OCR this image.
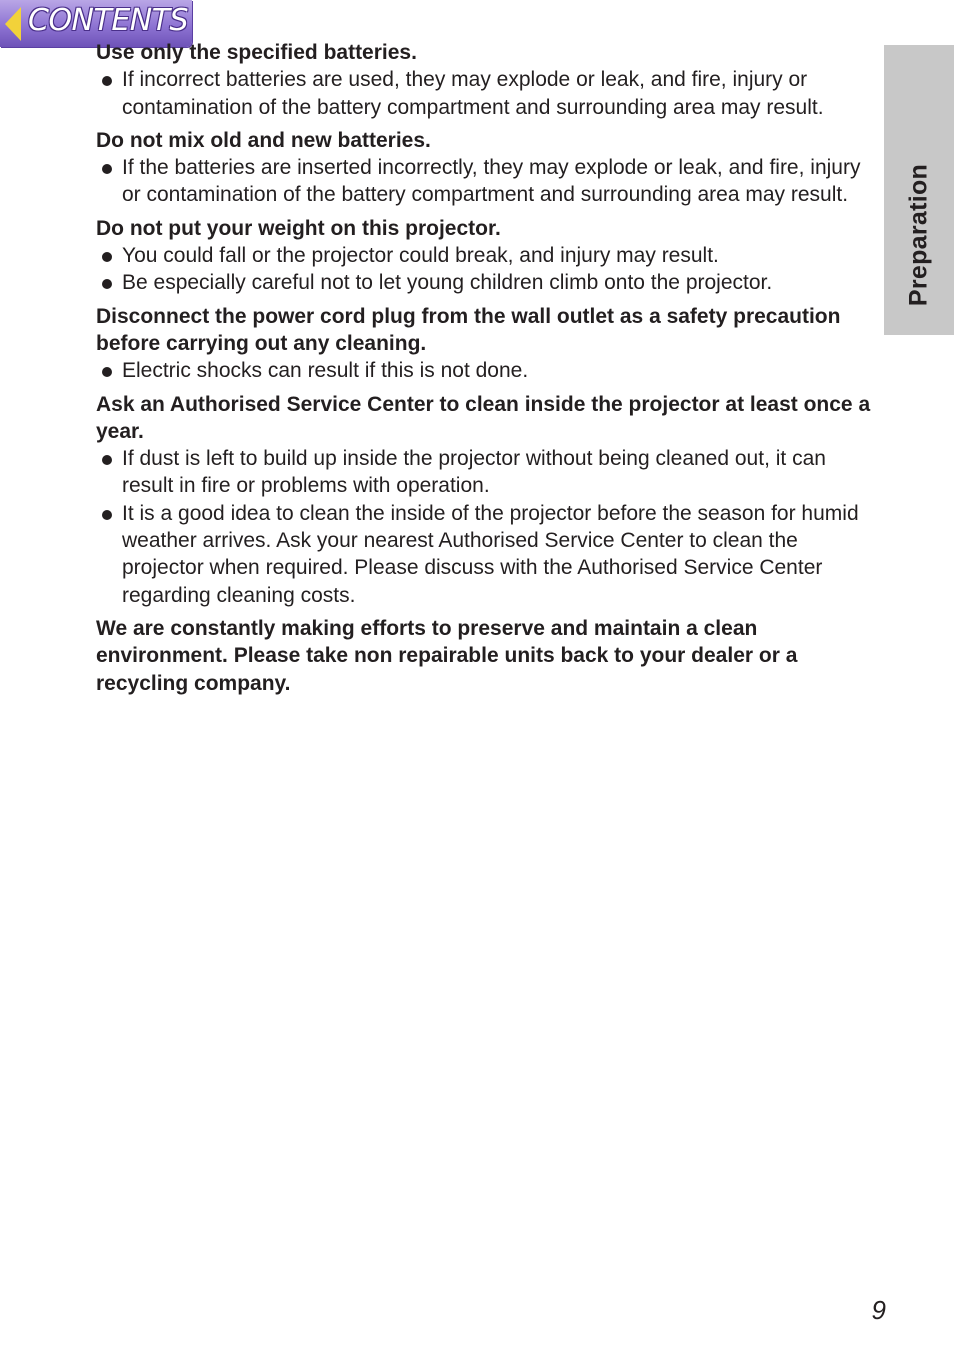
CONTENTS
Preparation

Use only the specified batteries.

If incorrect batteries are used, they may explode or leak, and fire, injury or contamination of the battery compartment and surrounding area may result.

Do not mix old and new batteries.

If the batteries are inserted incorrectly, they may explode or leak, and fire, injury or contamination of the battery compartment and surrounding area may result.

Do not put your weight on this projector.

You could fall or the projector could break, and injury may result.

Be especially careful not to let young children climb onto the projector.

Disconnect the power cord plug from the wall outlet as a safety precaution before carrying out any cleaning.

Electric shocks can result if this is not done.

Ask an Authorised Service Center to clean inside the projector at least once a year.

If dust is left to build up inside the projector without being cleaned out, it can result in fire or problems with operation.

It is a good idea to clean the inside of the projector before the season for humid weather arrives. Ask your nearest Authorised Service Center to clean the projector when required. Please discuss with the Authorised Service Center regarding cleaning costs.

We are constantly making efforts to preserve and maintain a clean environment. Please take non repairable units back to your dealer or a recycling company.

9
